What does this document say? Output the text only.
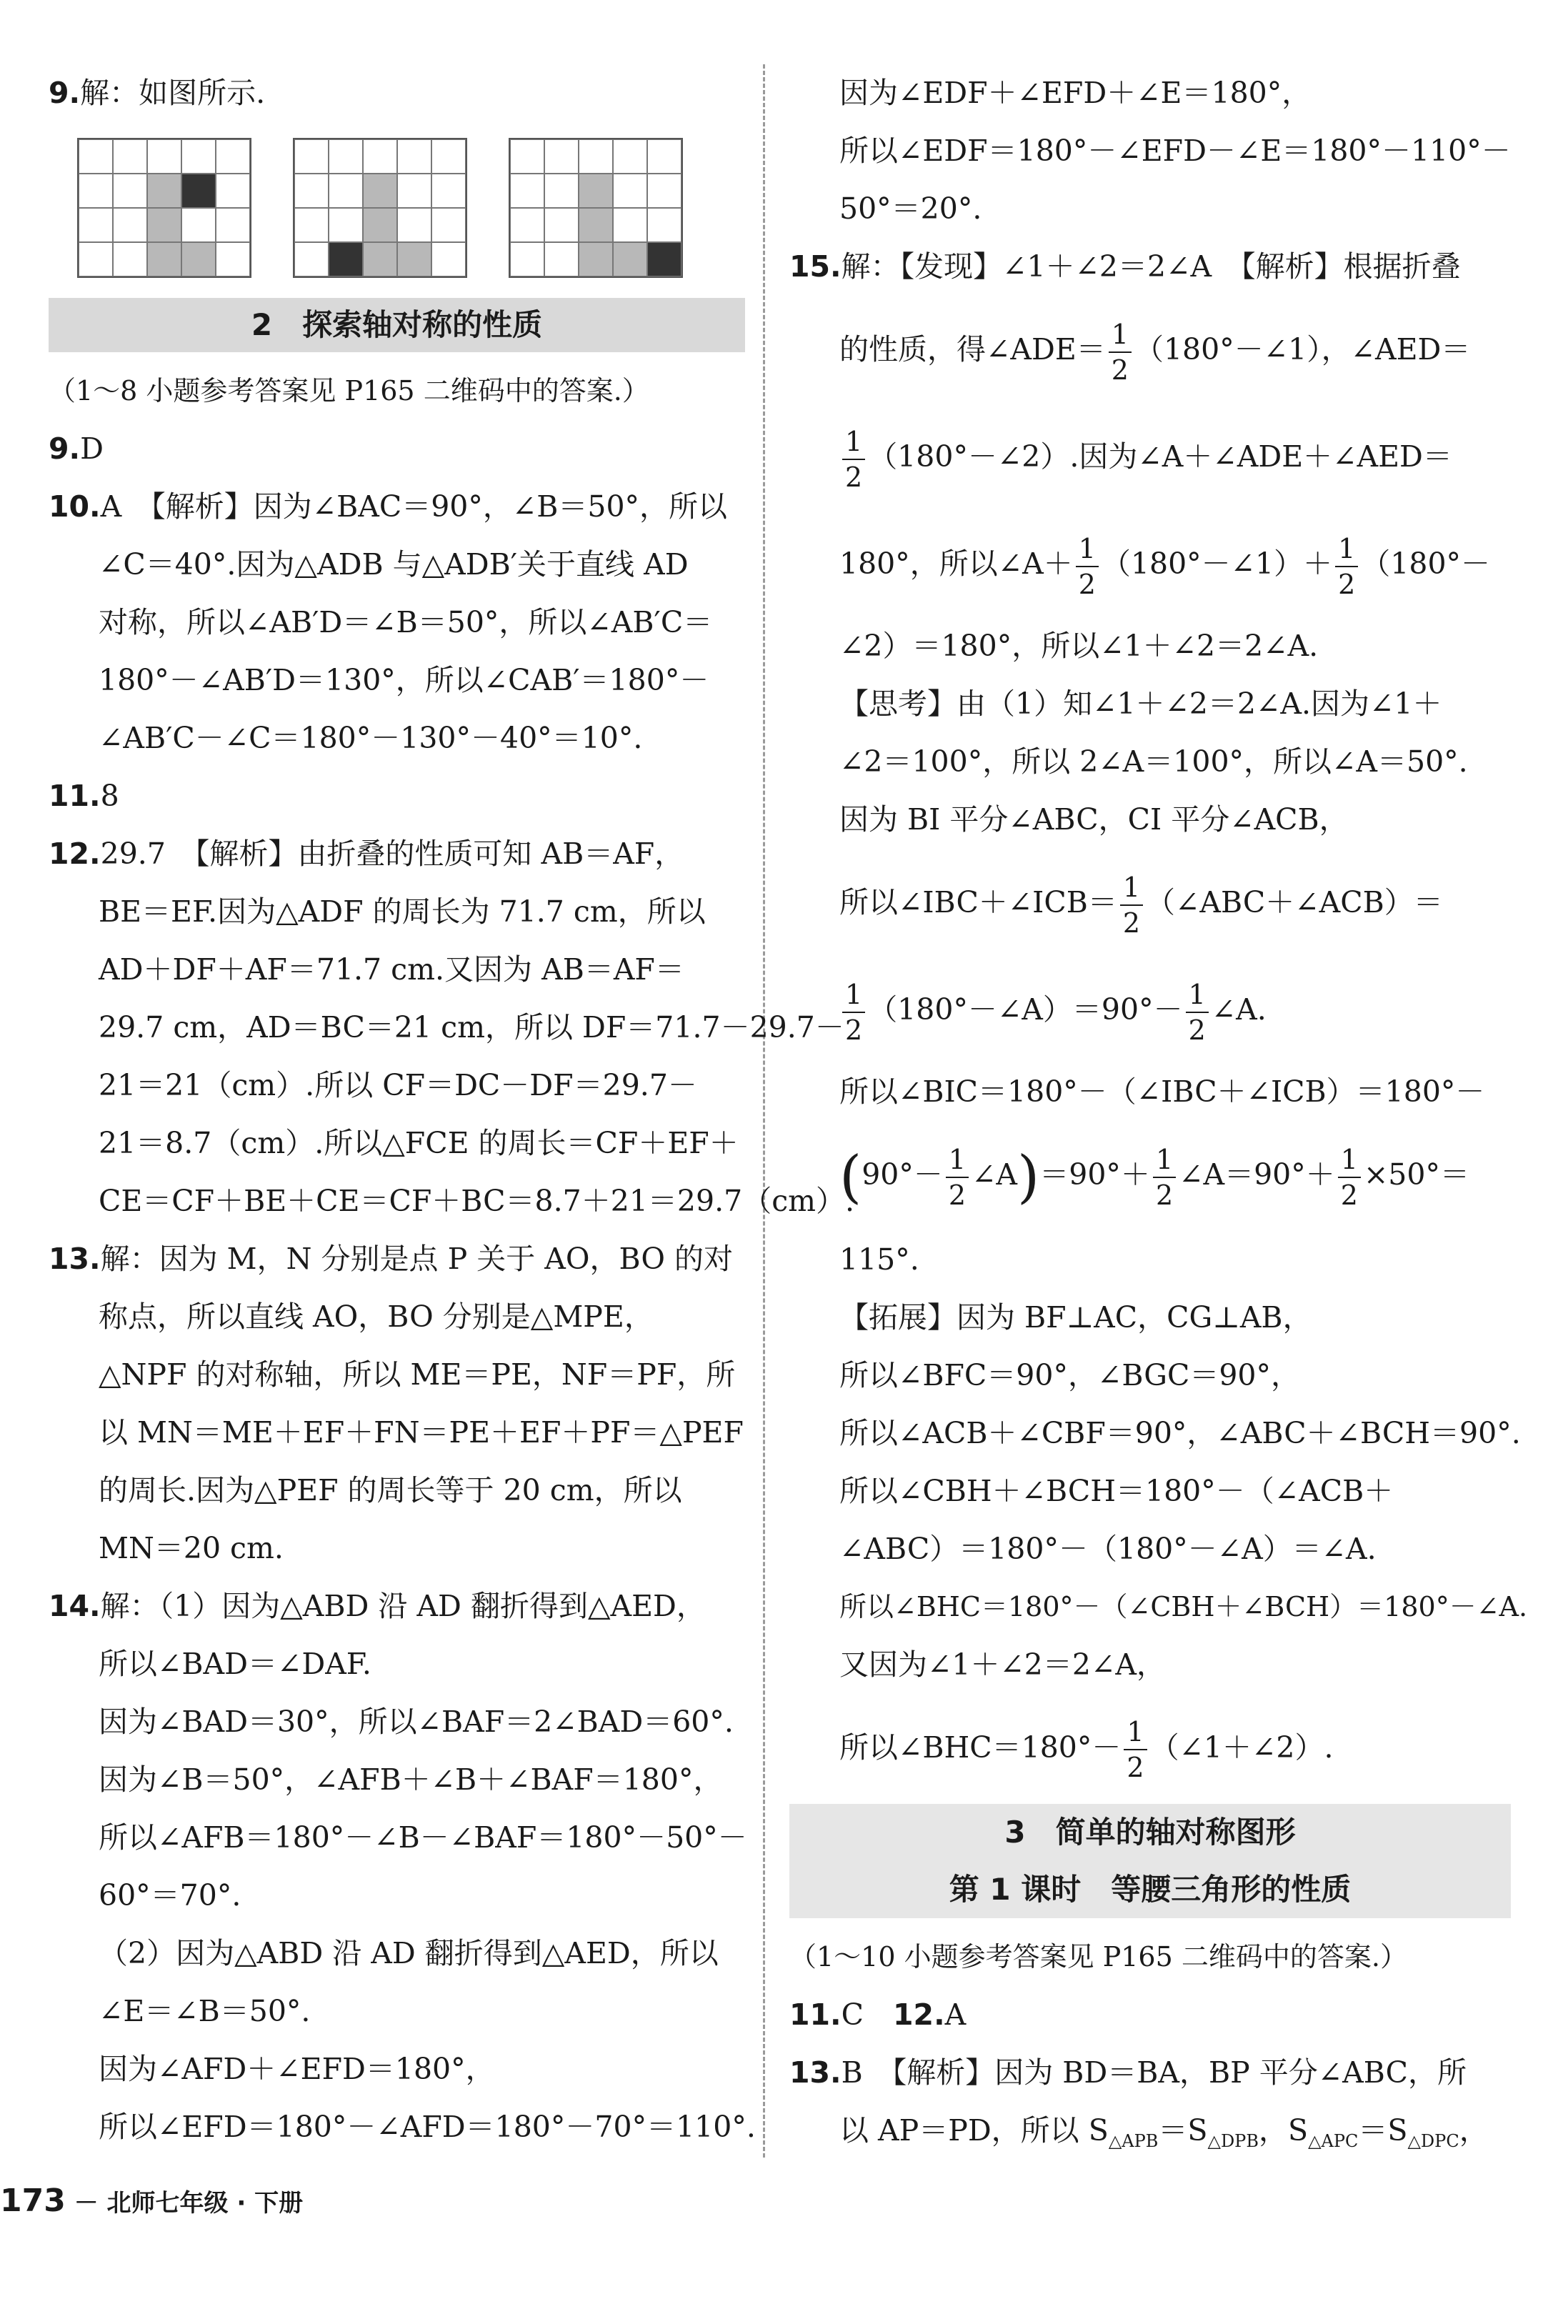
9.解：如图所示.
2　探索轴对称的性质
（1～8 小题参考答案见 P165 二维码中的答案.）
9.D
10.A　【解析】因为∠BAC＝90°，∠B＝50°，所以
∠C＝40°.因为△ADB 与△ADB′关于直线 AD
对称，所以∠AB′D＝∠B＝50°，所以∠AB′C＝
180°－∠AB′D＝130°，所以∠CAB′＝180°－
∠AB′C－∠C＝180°－130°－40°＝10°.
11.8
12.29.7　【解析】由折叠的性质可知 AB＝AF，
BE＝EF.因为△ADF 的周长为 71.7 cm，所以
AD＋DF＋AF＝71.7 cm.又因为 AB＝AF＝
29.7 cm，AD＝BC＝21 cm，所以 DF＝71.7－29.7－
21＝21（cm）.所以 CF＝DC－DF＝29.7－
21＝8.7（cm）.所以△FCE 的周长＝CF＋EF＋
CE＝CF＋BE＋CE＝CF＋BC＝8.7＋21＝29.7（cm）.
13.解：因为 M，N 分别是点 P 关于 AO，BO 的对
称点，所以直线 AO，BO 分别是△MPE，
△NPF 的对称轴，所以 ME＝PE，NF＝PF，所
以 MN＝ME＋EF＋FN＝PE＋EF＋PF＝△PEF
的周长.因为△PEF 的周长等于 20 cm，所以
MN＝20 cm.
14.解：（1）因为△ABD 沿 AD 翻折得到△AED，
所以∠BAD＝∠DAF.
因为∠BAD＝30°，所以∠BAF＝2∠BAD＝60°.
因为∠B＝50°，∠AFB＋∠B＋∠BAF＝180°，
所以∠AFB＝180°－∠B－∠BAF＝180°－50°－
60°＝70°.
（2）因为△ABD 沿 AD 翻折得到△AED，所以
∠E＝∠B＝50°.
因为∠AFD＋∠EFD＝180°，
所以∠EFD＝180°－∠AFD＝180°－70°＝110°.
因为∠EDF＋∠EFD＋∠E＝180°，
所以∠EDF＝180°－∠EFD－∠E＝180°－110°－
50°＝20°.
15.解：【发现】∠1＋∠2＝2∠A　【解析】根据折叠
的性质，得∠ADE＝ $\frac{1}{2}$ （180°－∠1），∠AED＝
$\frac{1}{2}$ （180°－∠2）.因为∠A＋∠ADE＋∠AED＝
180°，所以∠A＋ $\frac{1}{2}$ （180°－∠1）＋ $\frac{1}{2} (180^\circ-$
∠2）＝180°，所以∠1＋∠2＝2∠A.
【思考】由（1）知∠1＋∠2＝2∠A.因为∠1＋
∠2＝100°，所以 2∠A＝100°，所以∠A＝50°.
因为 BI 平分∠ABC，CI 平分∠ACB，
所以∠IBC＋∠ICB＝ $\frac{1}{2}$ （∠ABC＋∠ACB）＝
$\frac{1}{2}$ （180°－∠A）＝90°－ $\frac{1}{2}$ ∠A.
所以∠BIC＝180°－（∠IBC＋∠ICB）＝180°－
($90^\circ- \frac{1}{2}$ ∠A)＝90°＋ $\frac{1}{2}$ ∠A＝90°＋ $\frac{1}{2} \times 50^\circ=$
115°.
【拓展】因为 BF⊥AC，CG⊥AB，
所以∠BFC＝90°，∠BGC＝90°，
所以∠ACB＋∠CBF＝90°，∠ABC＋∠BCH＝90°.
所以∠CBH＋∠BCH＝180°－（∠ACB＋
∠ABC）＝180°－（180°－∠A）＝∠A.
所以∠BHC＝180°－（∠CBH＋∠BCH）＝180°－∠A.
又因为∠1＋∠2＝2∠A，
所以∠BHC＝180°－ $\frac{1}{2}$ （∠1＋∠2）.
3　简单的轴对称图形
第 1 课时　等腰三角形的性质
（1～10 小题参考答案见 P165 二维码中的答案.）
11.C　 12.A
13.B　【解析】因为 BD＝BA，BP 平分∠ABC，所
以 AP＝PD，所以 $S_{\triangle APB}=S_{\triangle DPB}$，$S_{\triangle APC}=S_{\triangle DPC}$，
173 － 北师七年级 · 下册
